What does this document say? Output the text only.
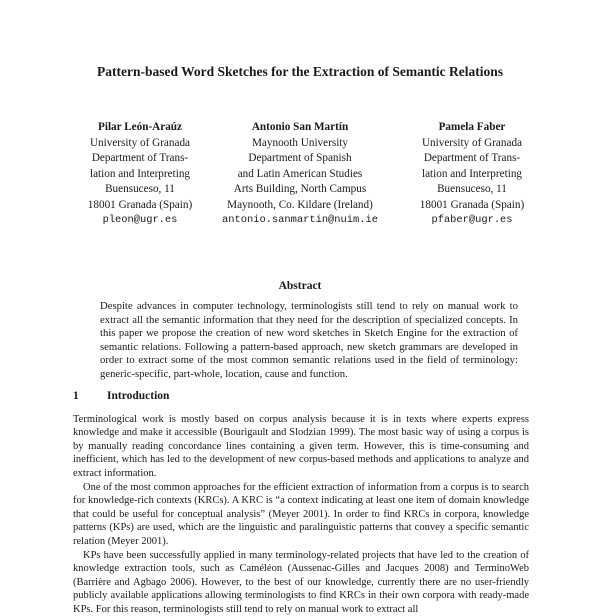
Pattern-based Word Sketches for the Extraction of Semantic Relations
Pilar León-Araúz
University of Granada
Department of Trans-
lation and Interpreting
Buensuceso, 11
18001 Granada (Spain)
pleon@ugr.es
Antonio San Martín
Maynooth University
Department of Spanish
and Latin American Studies
Arts Building, North Campus
Maynooth, Co. Kildare (Ireland)
antonio.sanmartin@nuim.ie
Pamela Faber
University of Granada
Department of Trans-
lation and Interpreting
Buensuceso, 11
18001 Granada (Spain)
pfaber@ugr.es
Abstract
Despite advances in computer technology, terminologists still tend to rely on manual work to extract all the semantic information that they need for the description of specialized concepts. In this paper we propose the creation of new word sketches in Sketch Engine for the extraction of semantic relations. Following a pattern-based approach, new sketch grammars are developed in order to extract some of the most common semantic relations used in the field of terminology: generic-specific, part-whole, location, cause and function.
1 Introduction

Terminological work is mostly based on corpus analysis because it is in texts where experts express knowledge and make it accessible (Bourigault and Slodzian 1999). The most basic way of using a corpus is by manually reading concordance lines containing a given term. However, this is time-consuming and inefficient, which has led to the development of new corpus-based methods and applications to analyze and extract information.

One of the most common approaches for the efficient extraction of information from a corpus is to search for knowledge-rich contexts (KRCs). A KRC is “a context indicating at least one item of domain knowledge that could be useful for conceptual analysis” (Meyer 2001). In order to find KRCs in corpora, knowledge patterns (KPs) are used, which are the linguistic and paralinguistic patterns that convey a specific semantic relation (Meyer 2001).

KPs have been successfully applied in many terminology-related projects that have led to the creation of knowledge extraction tools, such as Caméléon (Aussenac-Gilles and Jacques 2008) and TerminoWeb (Barrière and Agbago 2006). However, to the best of our knowledge, currently there are no user-friendly publicly available applications allowing terminologists to find KRCs in their own corpora with ready-made KPs. For this reason, terminologists still tend to rely on manual work to extract all
